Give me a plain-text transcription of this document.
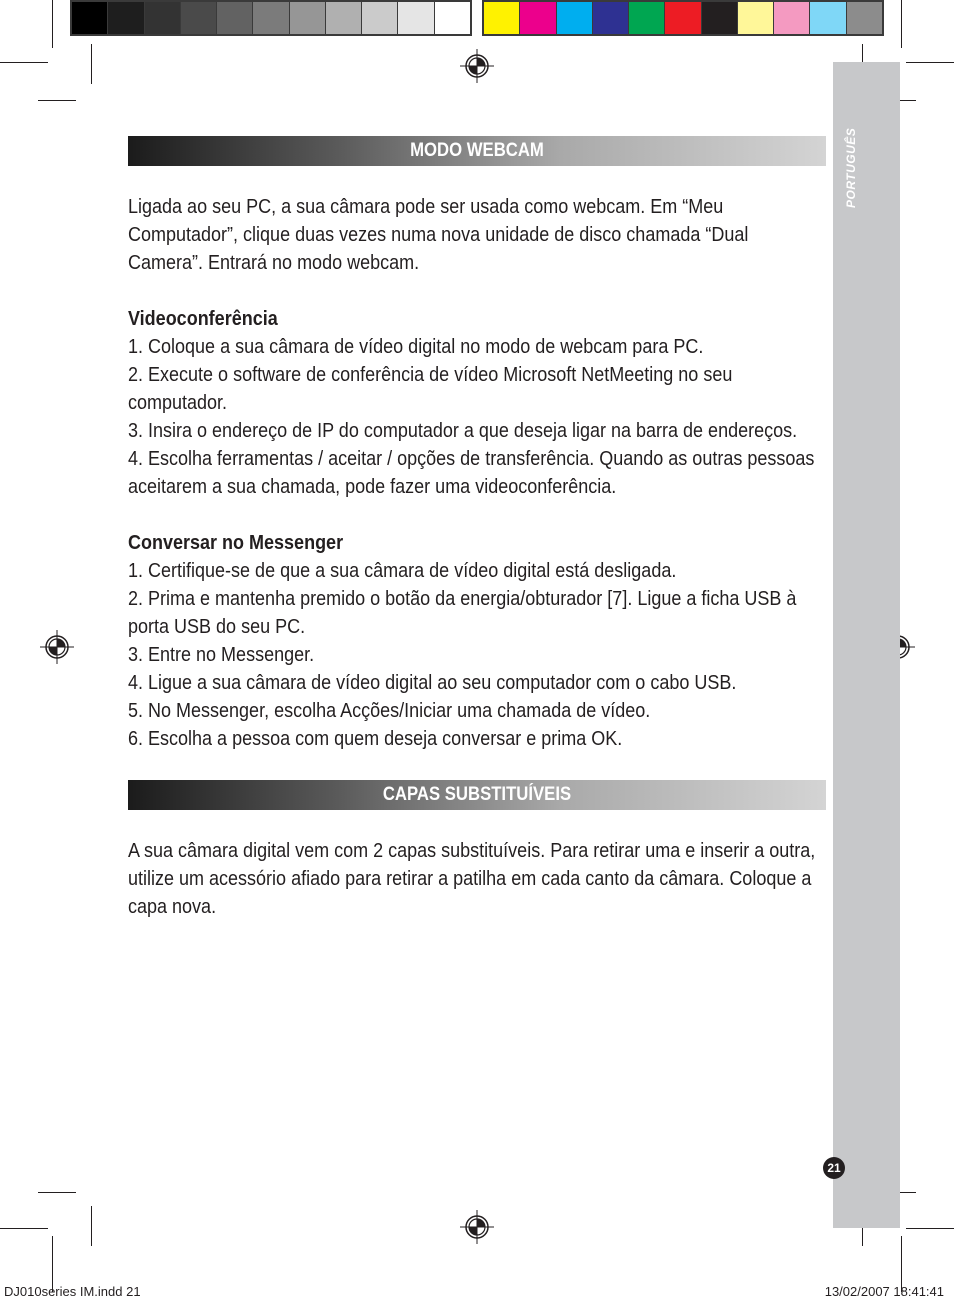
PORTUGUÊS
21
MODO WEBCAM

Ligada ao seu PC, a sua câmara pode ser usada como webcam. Em “Meu Computador”, clique duas vezes numa nova unidade de disco chamada “Dual Camera”. Entrará no modo webcam.

Videoconferência

1. Coloque a sua câmara de vídeo digital no modo de webcam para PC.

2. Execute o software de conferência de vídeo Microsoft NetMeeting no seu computador.

3. Insira o endereço de IP do computador a que deseja ligar na barra de endereços.

4. Escolha ferramentas / aceitar / opções de transferência. Quando as outras pessoas aceitarem a sua chamada, pode fazer uma videoconferência.

Conversar no Messenger

1. Certifique-se de que a sua câmara de vídeo digital está desligada.

2. Prima e mantenha premido o botão da energia/obturador [7]. Ligue a ficha USB à porta USB do seu PC.

3. Entre no Messenger.

4. Ligue a sua câmara de vídeo digital ao seu computador com o cabo USB.

5. No Messenger, escolha Acções/Iniciar uma chamada de vídeo.

6. Escolha a pessoa com quem deseja conversar e prima OK.

CAPAS SUBSTITUÍVEIS

A sua câmara digital vem com 2 capas substituíveis. Para retirar uma e inserir a outra, utilize um acessório afiado para retirar a patilha em cada canto da câmara. Coloque a capa nova.

DJ010series IM.indd 21	13/02/2007 18:41:41
